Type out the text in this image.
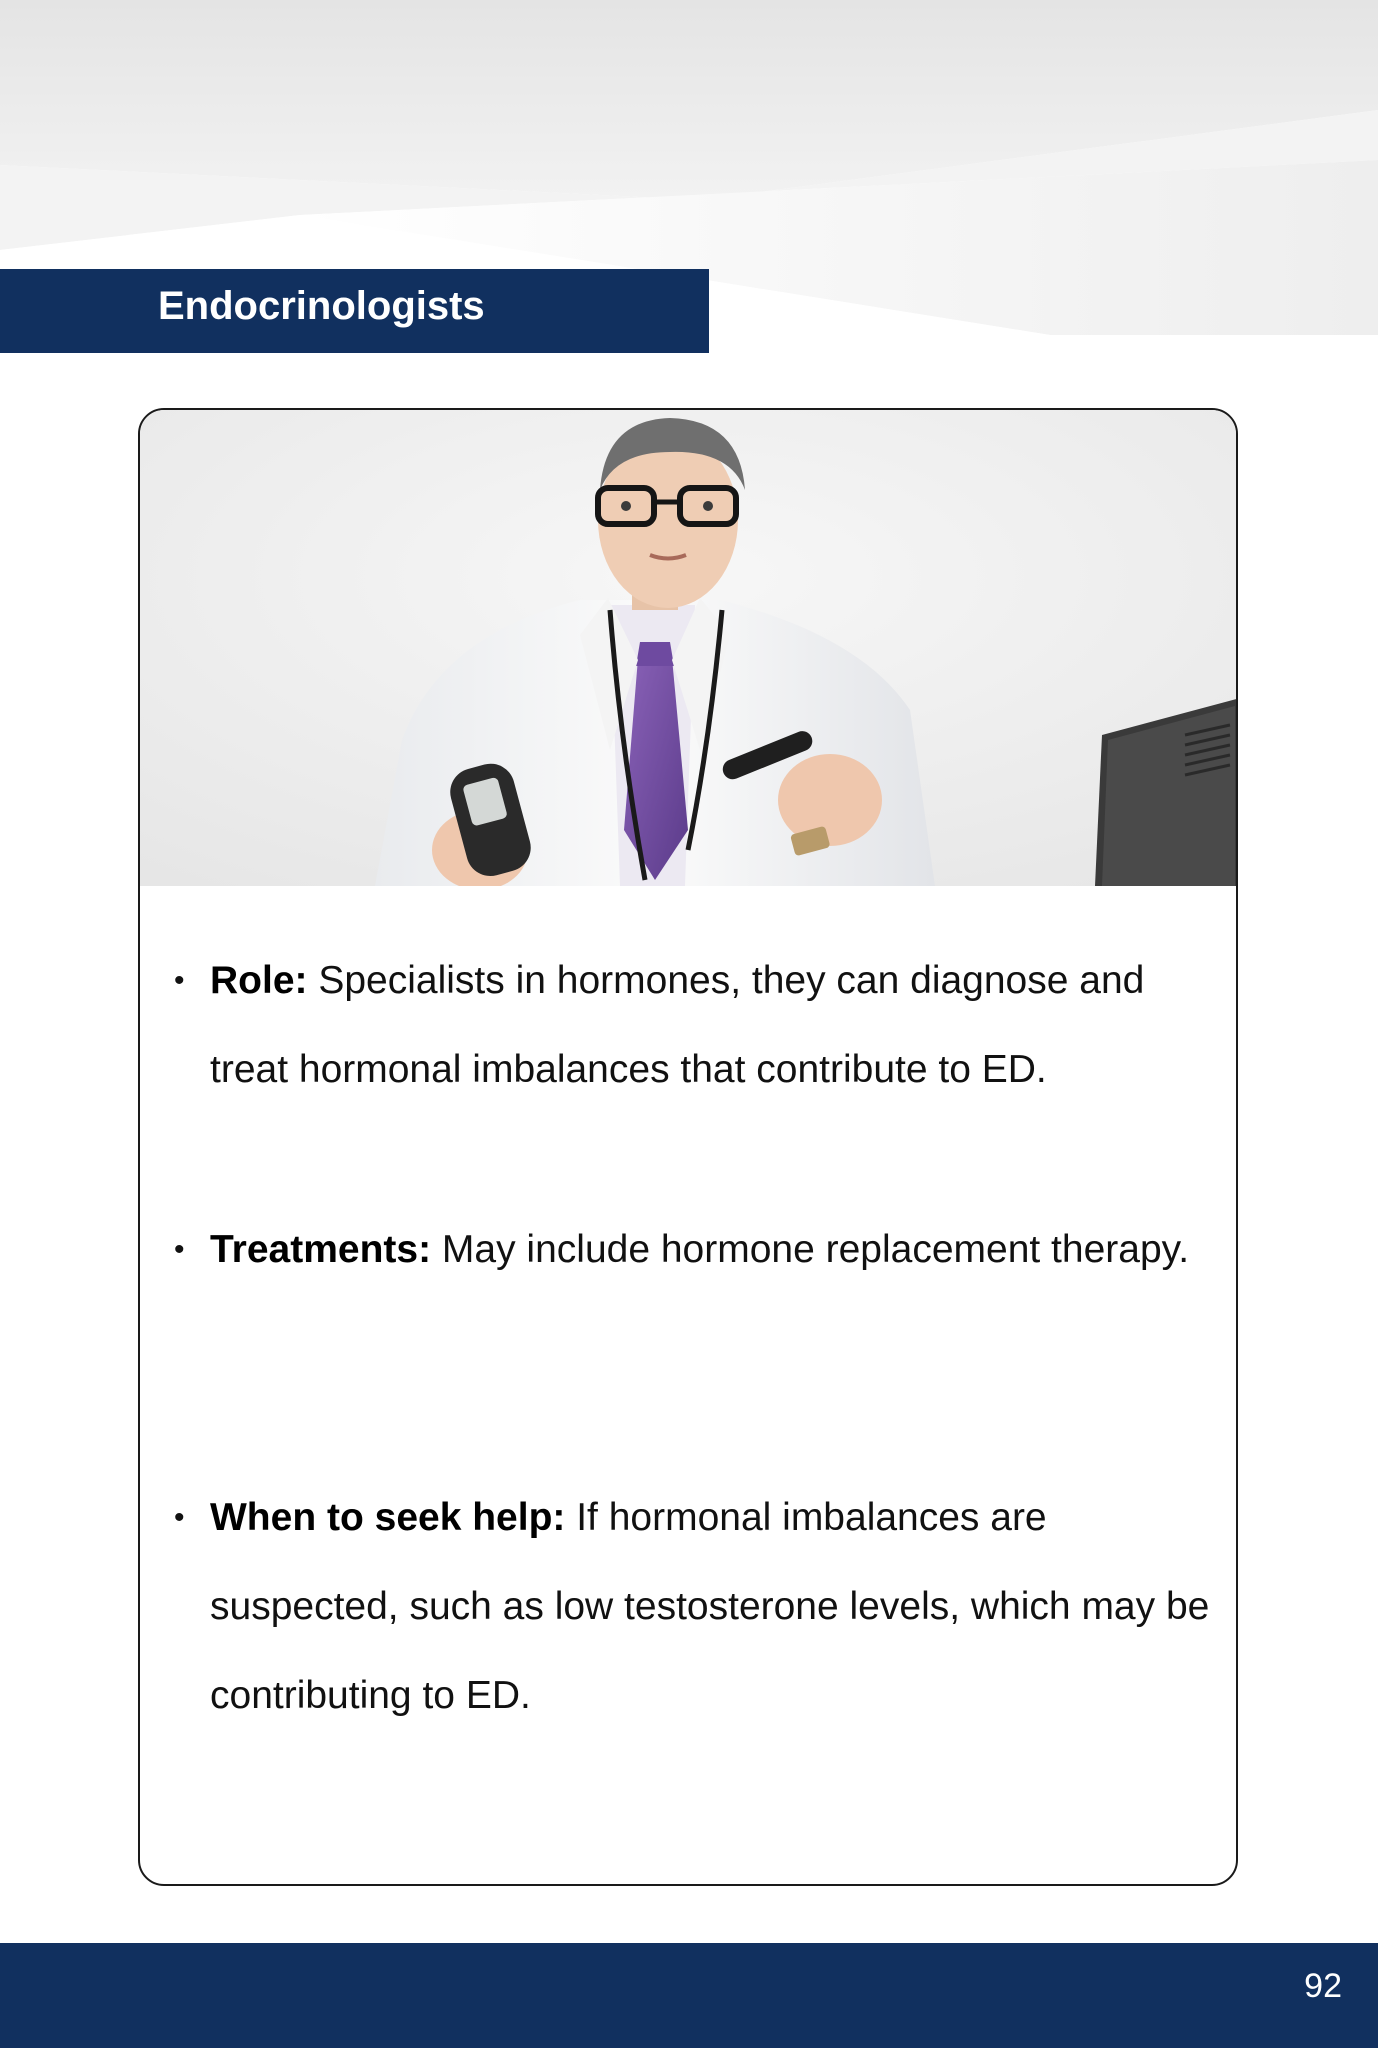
Endocrinologists
• Role: Specialists in hormones, they can diagnose and treat hormonal imbalances that contribute to ED.
• Treatments: May include hormone replacement therapy.
• When to seek help: If hormonal imbalances are suspected, such as low testosterone levels, which may be contributing to ED.
92
